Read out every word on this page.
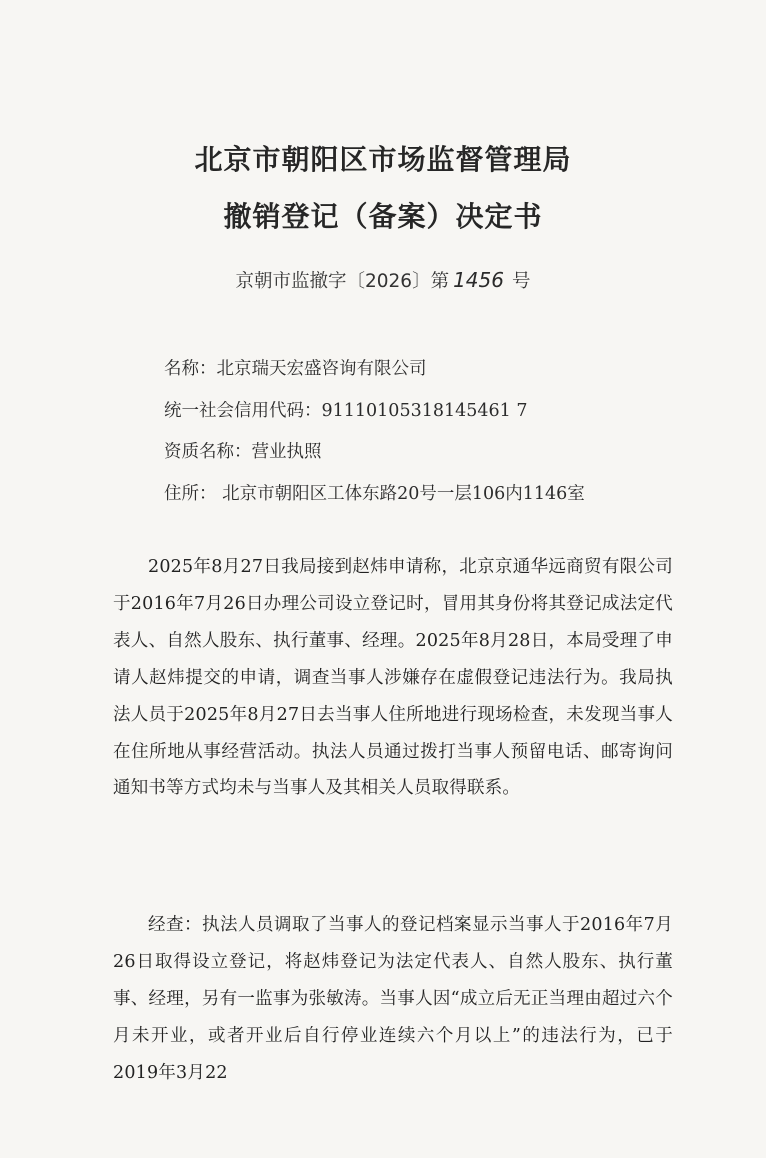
北京市朝阳区市场监督管理局
撤销登记（备案）决定书
京朝市监撤字〔2026〕第 1456 号
名称：北京瑞天宏盛咨询有限公司
统一社会信用代码：91110105318145461 7
资质名称：营业执照
住所： 北京市朝阳区工体东路20号一层106内1146室

2025年8月27日我局接到赵炜申请称，北京京通华远商贸有限公司于2016年7月26日办理公司设立登记时，冒用其身份将其登记成法定代表人、自然人股东、执行董事、经理。2025年8月28日，本局受理了申请人赵炜提交的申请，调查当事人涉嫌存在虚假登记违法行为。我局执法人员于2025年8月27日去当事人住所地进行现场检查，未发现当事人在住所地从事经营活动。执法人员通过拨打当事人预留电话、邮寄询问通知书等方式均未与当事人及其相关人员取得联系。

经查：执法人员调取了当事人的登记档案显示当事人于2016年7月26日取得设立登记，将赵炜登记为法定代表人、自然人股东、执行董事、经理，另有一监事为张敏涛。当事人因“成立后无正当理由超过六个月未开业，或者开业后自行停业连续六个月以上”的违法行为，已于2019年3月22
